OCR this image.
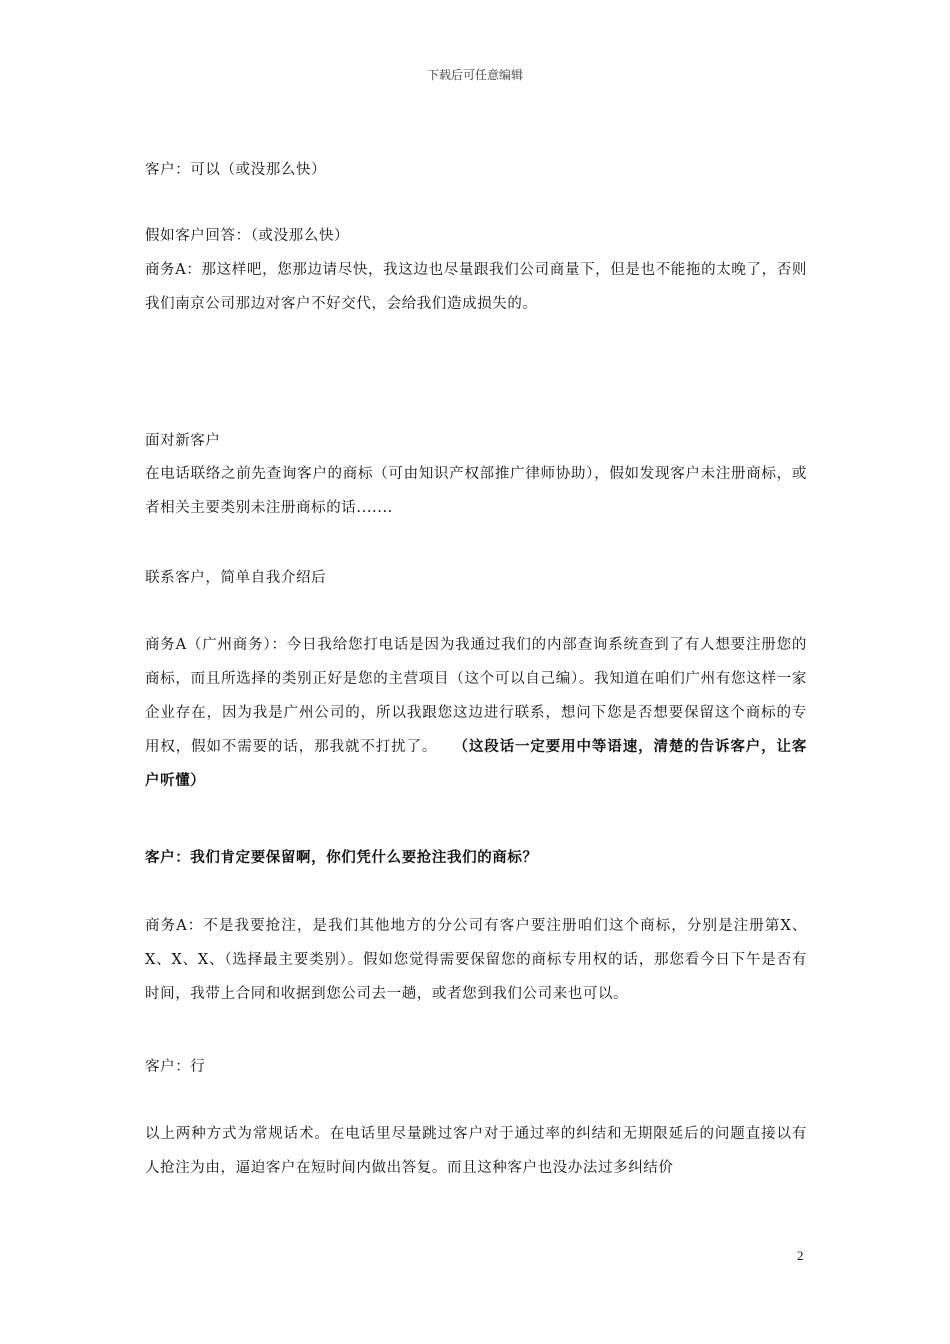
下载后可任意编辑

客户：可以（或没那么快）

假如客户回答：（或没那么快）

商务A：那这样吧，您那边请尽快，我这边也尽量跟我们公司商量下，但是也不能拖的太晚了，否则我们南京公司那边对客户不好交代，会给我们造成损失的。

面对新客户

在电话联络之前先查询客户的商标（可由知识产权部推广律师协助），假如发现客户未注册商标，或者相关主要类别未注册商标的话.......

联系客户，简单自我介绍后

商务A（广州商务）：今日我给您打电话是因为我通过我们的内部查询系统查到了有人想要注册您的商标，而且所选择的类别正好是您的主营项目（这个可以自己编）。我知道在咱们广州有您这样一家企业存在，因为我是广州公司的，所以我跟您这边进行联系，想问下您是否想要保留这个商标的专用权，假如不需要的话，那我就不打扰了。　　（这段话一定要用中等语速，清楚的告诉客户，让客户听懂）

客户：我们肯定要保留啊，你们凭什么要抢注我们的商标？

商务A：不是我要抢注，是我们其他地方的分公司有客户要注册咱们这个商标，分别是注册第X、X、X、X、（选择最主要类别）。假如您觉得需要保留您的商标专用权的话，那您看今日下午是否有时间，我带上合同和收据到您公司去一趟，或者您到我们公司来也可以。

客户：行

以上两种方式为常规话术。在电话里尽量跳过客户对于通过率的纠结和无期限延后的问题直接以有人抢注为由，逼迫客户在短时间内做出答复。而且这种客户也没办法过多纠结价

2
